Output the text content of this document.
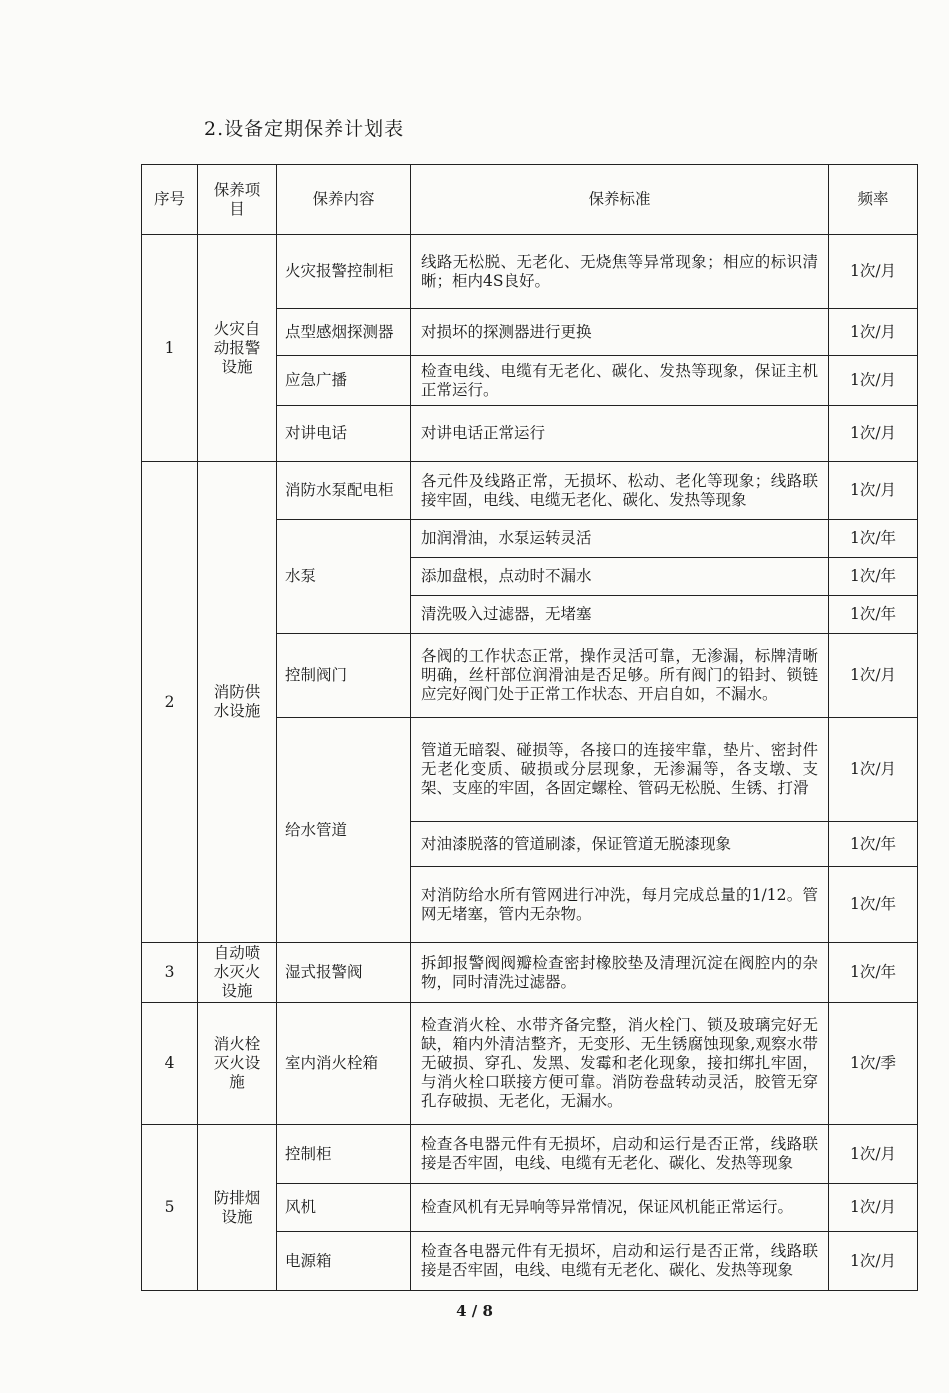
2.设备定期保养计划表
序号	保养项目	保养内容	保养标准	频率
1	火灾自动报警设施	火灾报警控制柜	线路无松脱、无老化、无烧焦等异常现象；相应的标识清晰；柜内4S良好。	1次/月
		点型感烟探测器	对损坏的探测器进行更换	1次/月
		应急广播	检查电线、电缆有无老化、碳化、发热等现象，保证主机正常运行。	1次/月
		对讲电话	对讲电话正常运行	1次/月
2	消防供水设施	消防水泵配电柜	各元件及线路正常，无损坏、松动、老化等现象；线路联接牢固，电线、电缆无老化、碳化、发热等现象	1次/月
		水泵	加润滑油，水泵运转灵活	1次/年
			添加盘根，点动时不漏水	1次/年
			清洗吸入过滤器，无堵塞	1次/年
		控制阀门	各阀的工作状态正常，操作灵活可靠，无渗漏，标牌清晰明确，丝杆部位润滑油是否足够。所有阀门的铅封、锁链应完好阀门处于正常工作状态、开启自如，不漏水。	1次/月
		给水管道	管道无暗裂、碰损等，各接口的连接牢靠，垫片、密封件无老化变质、破损或分层现象，无渗漏等，各支墩、支架、支座的牢固，各固定螺栓、管码无松脱、生锈、打滑	1次/月
			对油漆脱落的管道刷漆，保证管道无脱漆现象	1次/年
			对消防给水所有管网进行冲洗，每月完成总量的1/12。管网无堵塞，管内无杂物。	1次/年
3	自动喷水灭火设施	湿式报警阀	拆卸报警阀阀瓣检查密封橡胶垫及清理沉淀在阀腔内的杂物，同时清洗过滤器。	1次/年
4	消火栓灭火设施	室内消火栓箱	检查消火栓、水带齐备完整，消火栓门、锁及玻璃完好无缺，箱内外清洁整齐，无变形、无生锈腐蚀现象,观察水带无破损、穿孔、发黑、发霉和老化现象，接扣绑扎牢固，与消火栓口联接方便可靠。消防卷盘转动灵活，胶管无穿孔存破损、无老化，无漏水。	1次/季
5	防排烟设施	控制柜	检查各电器元件有无损坏，启动和运行是否正常，线路联接是否牢固，电线、电缆有无老化、碳化、发热等现象	1次/月
		风机	检查风机有无异响等异常情况，保证风机能正常运行。	1次/月
		电源箱	检查各电器元件有无损坏，启动和运行是否正常，线路联接是否牢固，电线、电缆有无老化、碳化、发热等现象	1次/月
4 / 8
